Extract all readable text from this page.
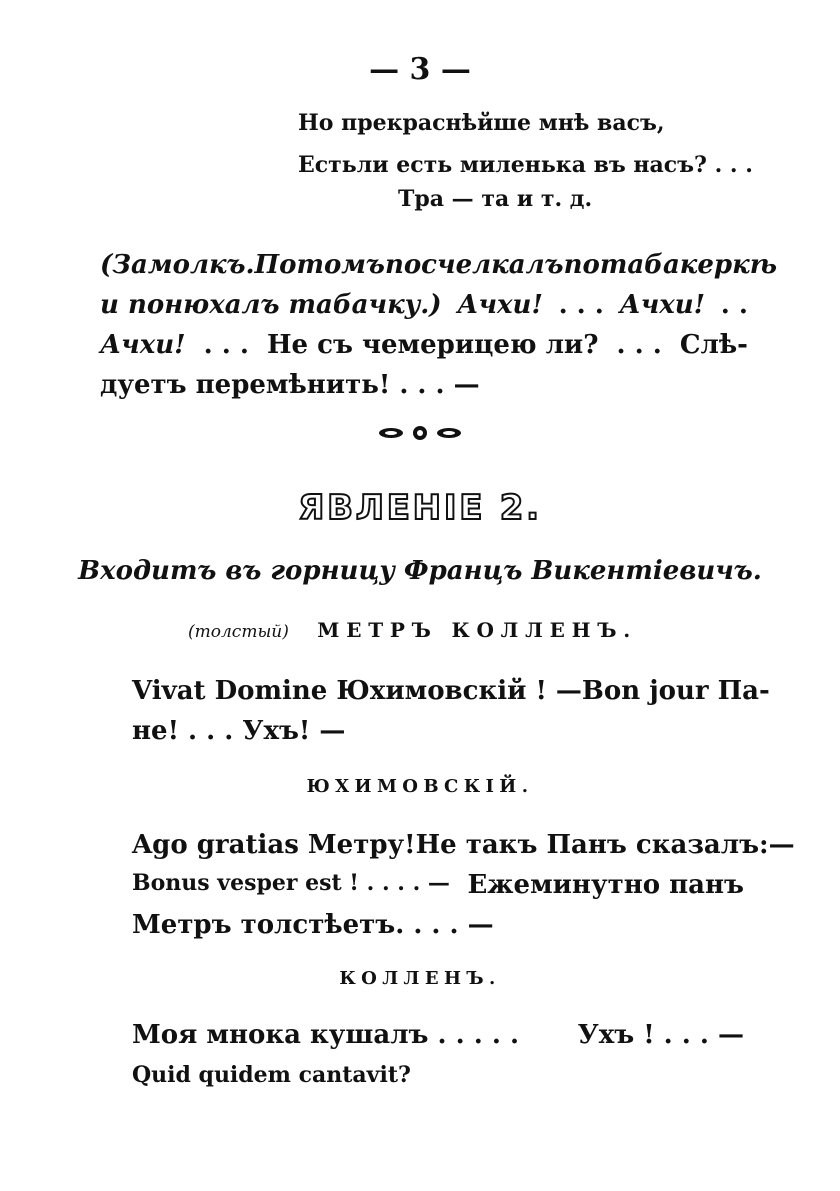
— 3 —
Но прекраснѣйше мнѣ васъ,
Естьли есть миленька въ насъ? . . .
Тра — та и т. д.
(Замолкъ. Потомъ посчелкалъ по табакеркѣ
и понюхалъ табачку.) Ачхи! . . . Ачхи! . .
Ачхи! . . . Не съ чемерицею ли? . . . Слѣ-
дуетъ перемѣнить! . . . —
ЯВЛЕНІЕ 2.
Входитъ въ горницу Францъ Викентіевичъ.
(толстый) МЕТРЪ КОЛЛЕНЪ.
Vivat Domine Юхимовскій ! — Bon jour Па-
не! . . . Ухъ! —
ЮХИМОВСКІЙ.
Ago gratias Метру! Не такъ Панъ сказалъ:—
Bonus vesper est ! . . . . — Ежеминутно панъ
Метръ толстѣетъ. . . . —
КОЛЛЕНЪ.
Моя мнока кушалъ . . . . . Ухъ ! . . . —
Quid quidem cantavit?
